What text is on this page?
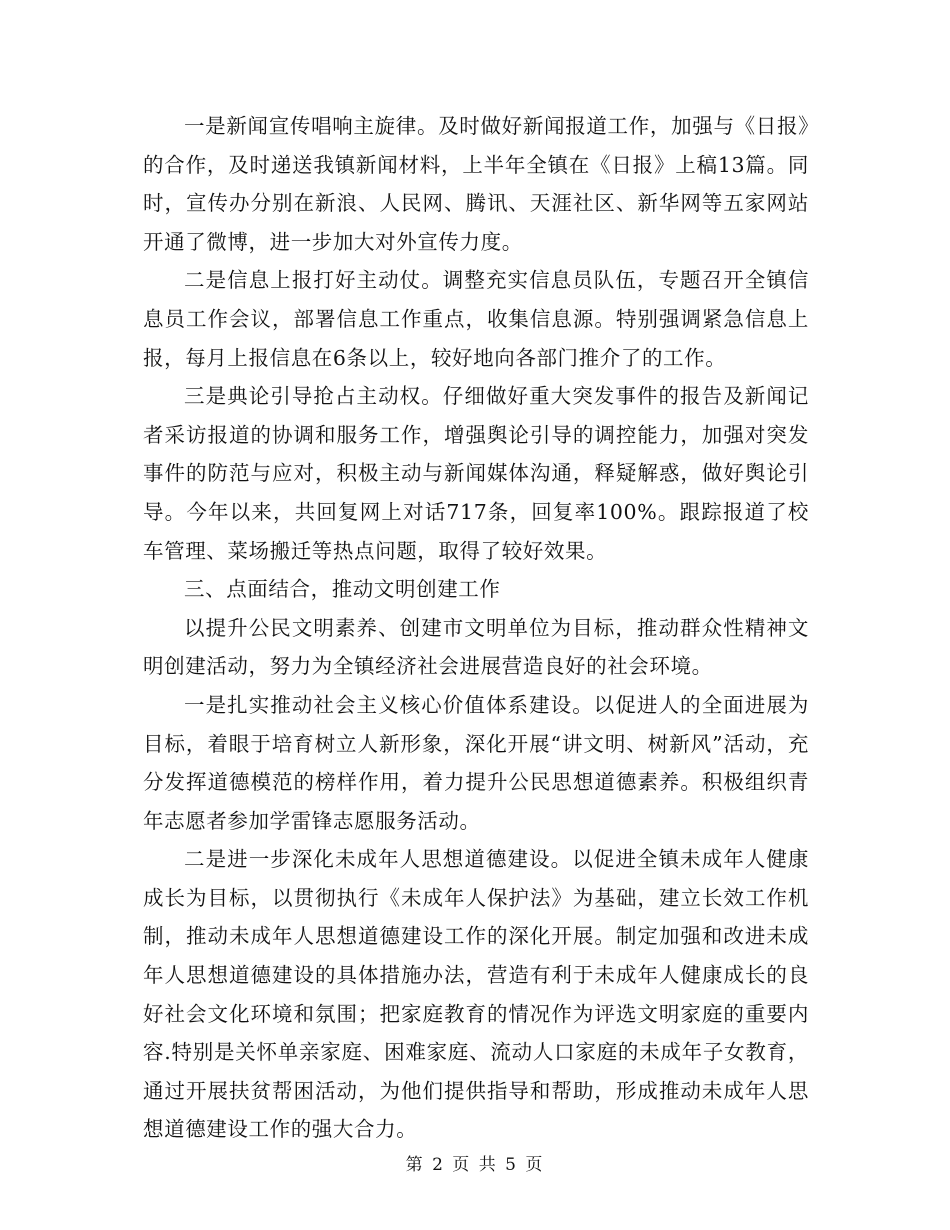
一是新闻宣传唱响主旋律。及时做好新闻报道工作，加强与《日报》的合作，及时递送我镇新闻材料，上半年全镇在《日报》上稿13篇。同时，宣传办分别在新浪、人民网、腾讯、天涯社区、新华网等五家网站开通了微博，进一步加大对外宣传力度。

二是信息上报打好主动仗。调整充实信息员队伍，专题召开全镇信息员工作会议，部署信息工作重点，收集信息源。特别强调紧急信息上报，每月上报信息在6条以上，较好地向各部门推介了的工作。

三是典论引导抢占主动权。仔细做好重大突发事件的报告及新闻记者采访报道的协调和服务工作，增强舆论引导的调控能力，加强对突发事件的防范与应对，积极主动与新闻媒体沟通，释疑解惑，做好舆论引导。今年以来，共回复网上对话717条，回复率100%。跟踪报道了校车管理、菜场搬迁等热点问题，取得了较好效果。

三、点面结合，推动文明创建工作

以提升公民文明素养、创建市文明单位为目标，推动群众性精神文明创建活动，努力为全镇经济社会进展营造良好的社会环境。

一是扎实推动社会主义核心价值体系建设。以促进人的全面进展为目标，着眼于培育树立人新形象，深化开展“讲文明、树新风”活动，充分发挥道德模范的榜样作用，着力提升公民思想道德素养。积极组织青年志愿者参加学雷锋志愿服务活动。

二是进一步深化未成年人思想道德建设。以促进全镇未成年人健康成长为目标，以贯彻执行《未成年人保护法》为基础，建立长效工作机制，推动未成年人思想道德建设工作的深化开展。制定加强和改进未成年人思想道德建设的具体措施办法，营造有利于未成年人健康成长的良好社会文化环境和氛围；把家庭教育的情况作为评选文明家庭的重要内容.特别是关怀单亲家庭、困难家庭、流动人口家庭的未成年子女教育，通过开展扶贫帮困活动，为他们提供指导和帮助，形成推动未成年人思想道德建设工作的强大合力。

第 2 页 共 5 页
